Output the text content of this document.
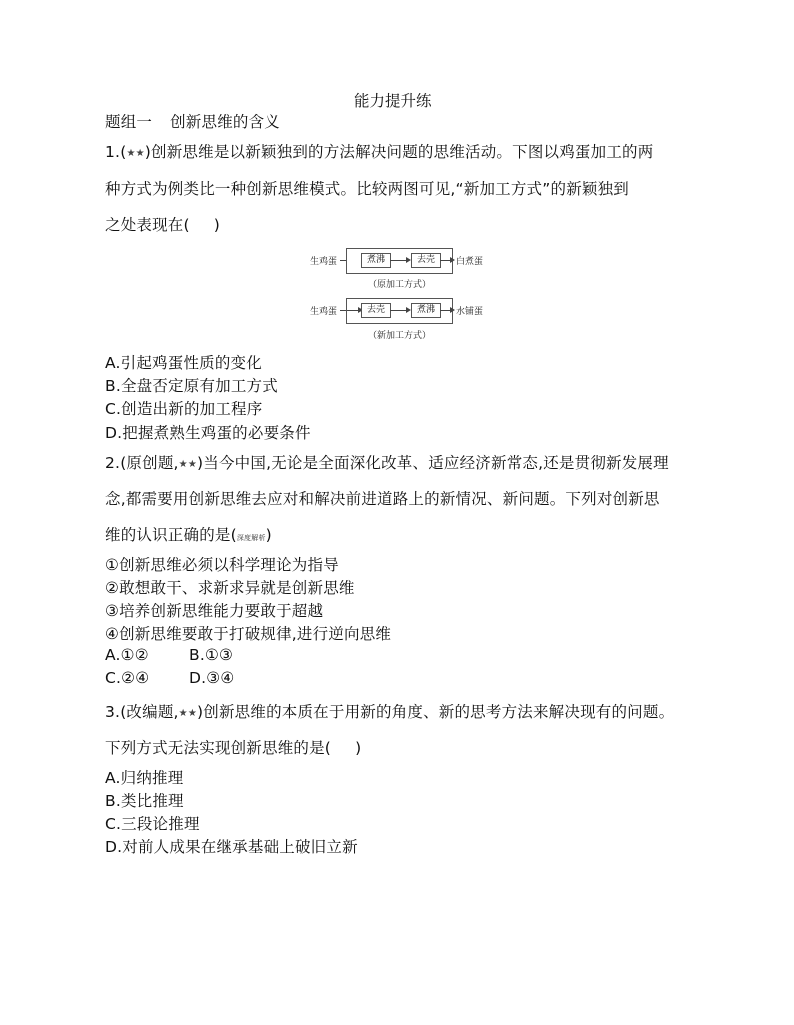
能力提升练
题组一 创新思维的含义
1.(★★)创新思维是以新颖独到的方法解决问题的思维活动。下图以鸡蛋加工的两
种方式为例类比一种创新思维模式。比较两图可见,“新加工方式”的新颖独到
之处表现在( )
生鸡蛋	煮沸	去壳	白煮蛋
（原加工方式）
生鸡蛋	去壳	煮沸	水铺蛋
（新加工方式）
A.引起鸡蛋性质的变化
B.全盘否定原有加工方式
C.创造出新的加工程序
D.把握煮熟生鸡蛋的必要条件
2.(原创题,★★)当今中国,无论是全面深化改革、适应经济新常态,还是贯彻新发展理
念,都需要用创新思维去应对和解决前进道路上的新情况、新问题。下列对创新思
维的认识正确的是(深度解析)
①创新思维必须以科学理论为指导
②敢想敢干、求新求异就是创新思维
③培养创新思维能力要敢于超越
④创新思维要敢于打破规律,进行逆向思维
A.①②	B.①③
C.②④	D.③④
3.(改编题,★★)创新思维的本质在于用新的角度、新的思考方法来解决现有的问题。
下列方式无法实现创新思维的是( )
A.归纳推理
B.类比推理
C.三段论推理
D.对前人成果在继承基础上破旧立新
